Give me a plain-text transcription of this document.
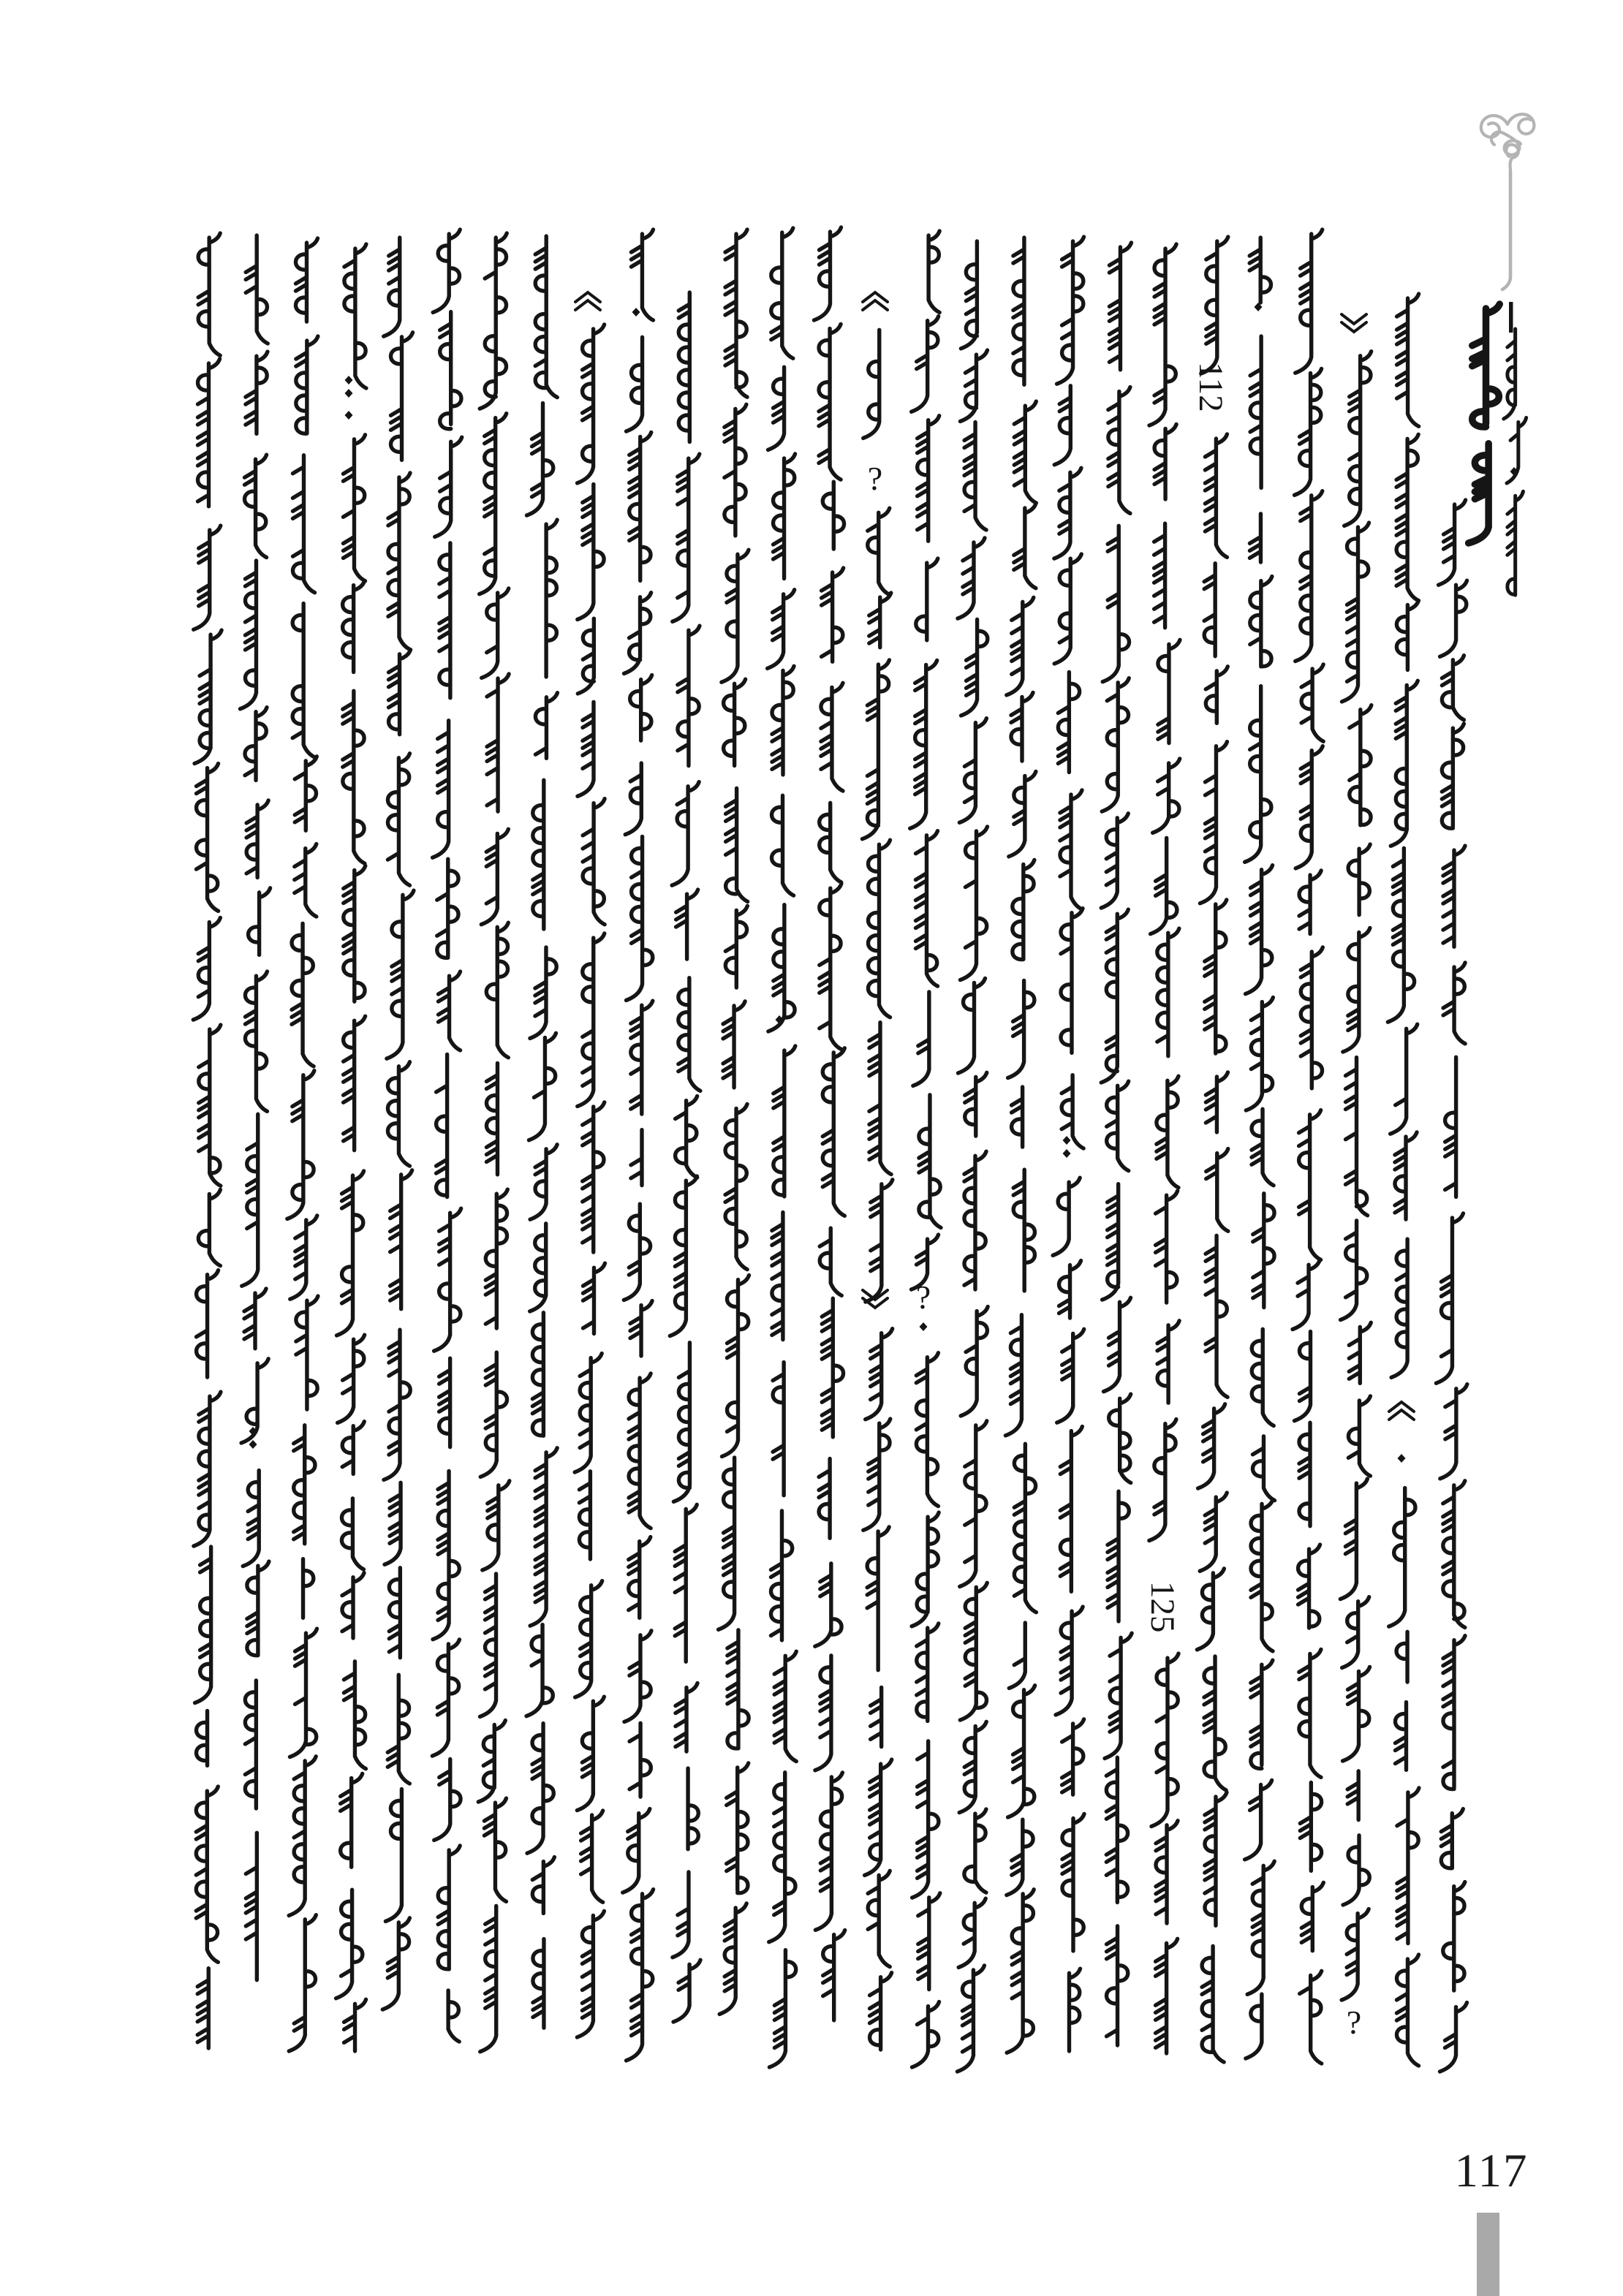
?
?
125
112
?
117
